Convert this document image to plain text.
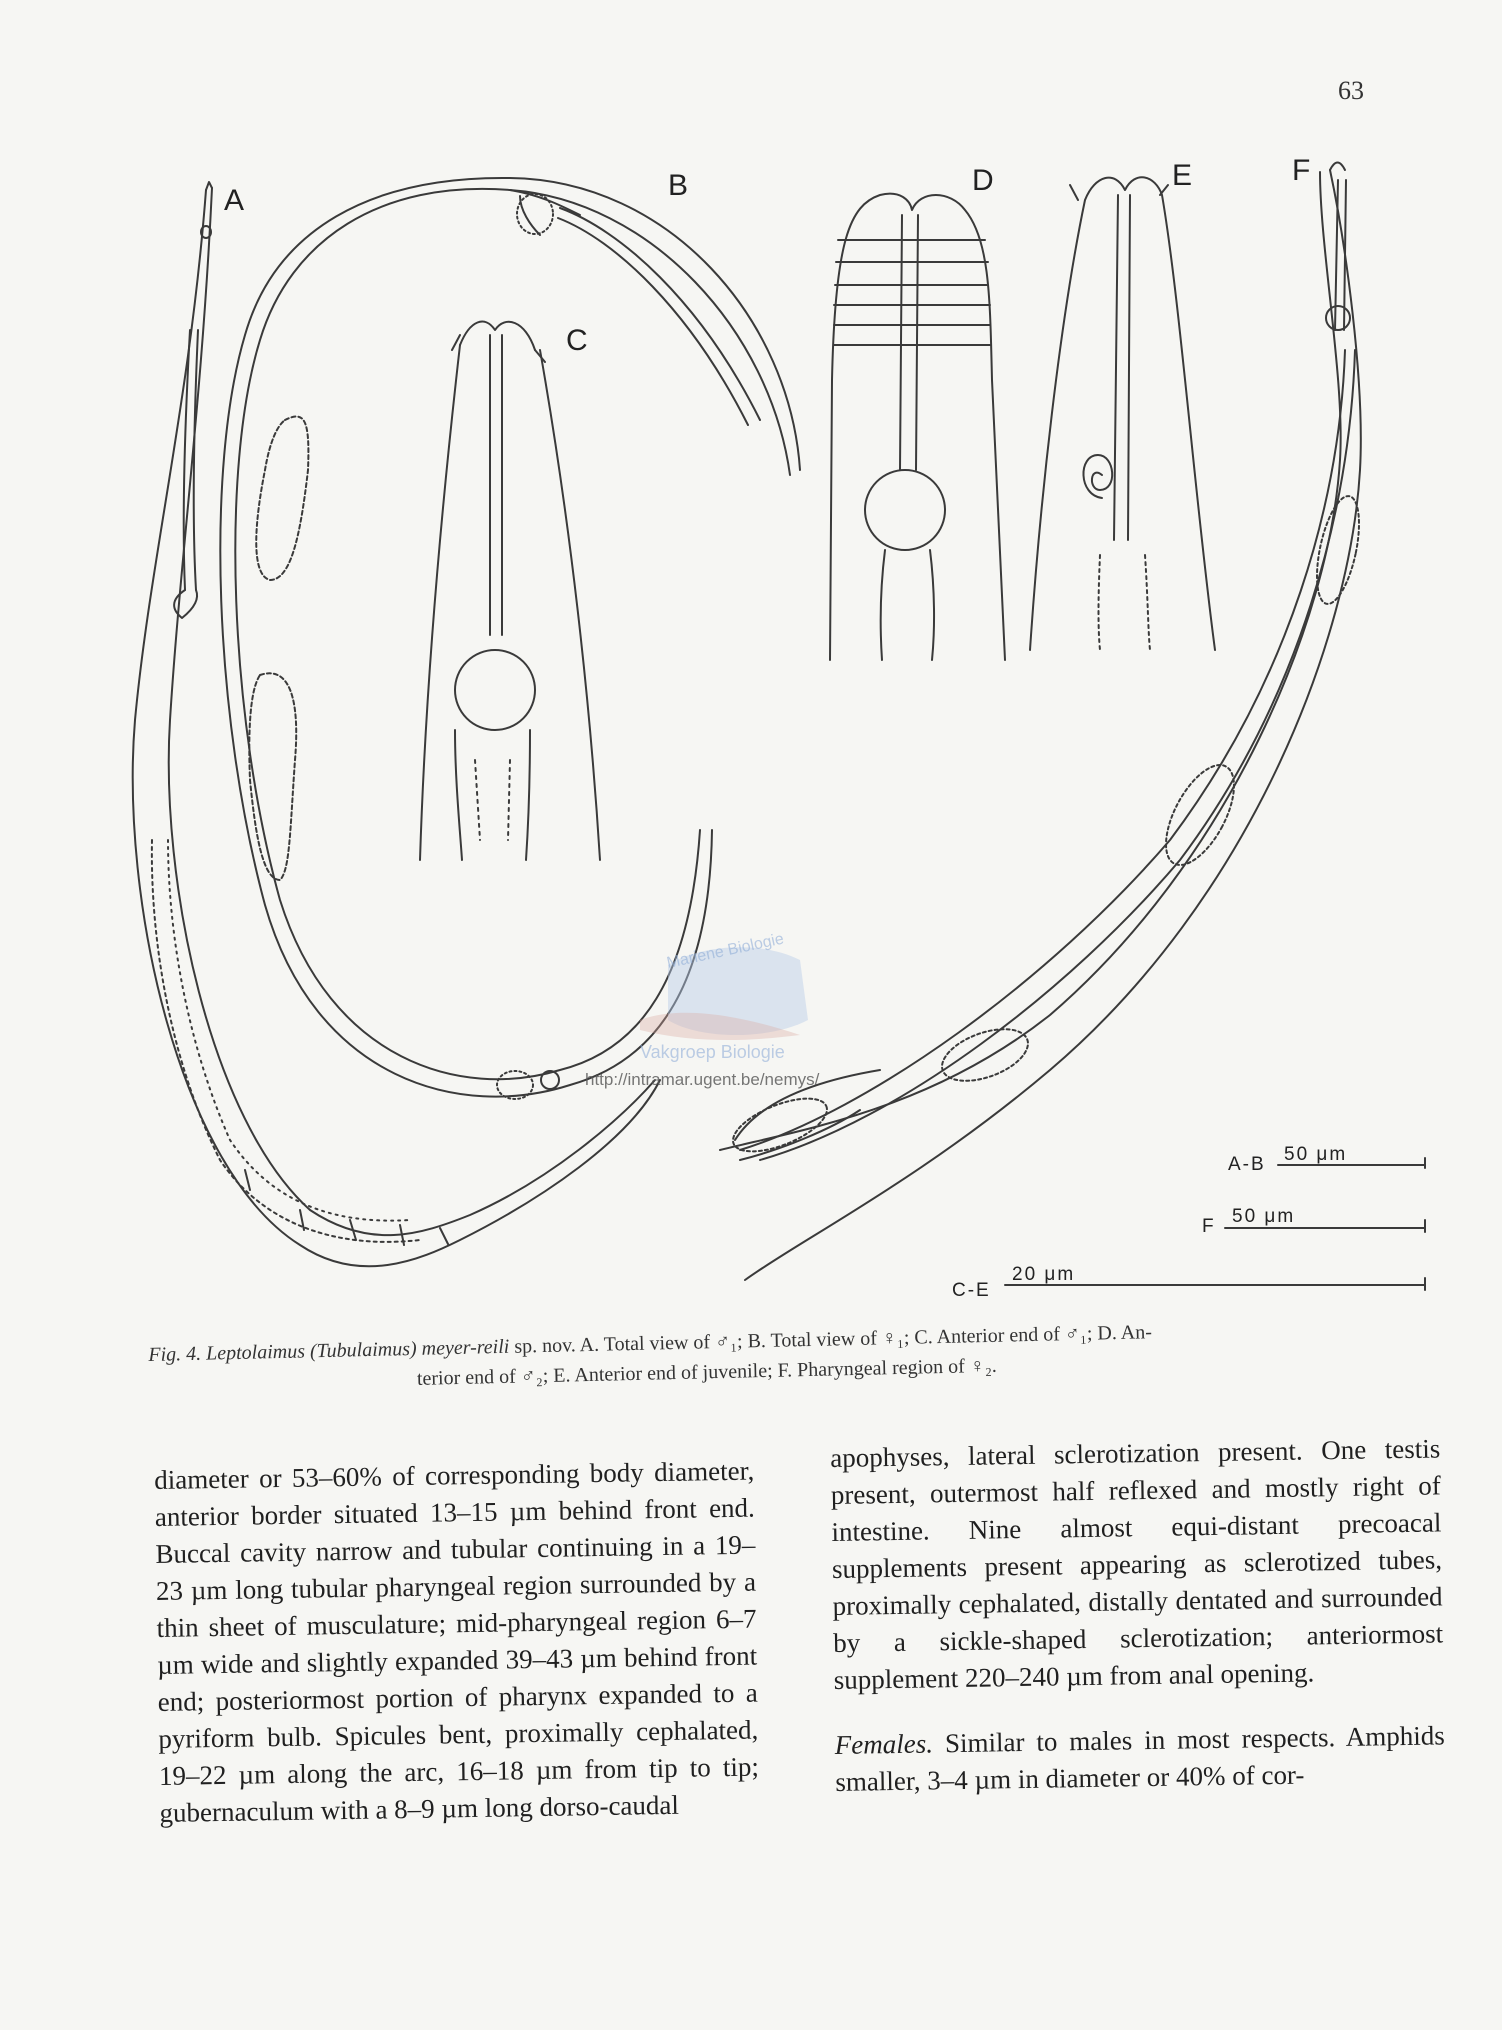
63
A	B
C
D	E	F
A-B 50 μm
F 50 μm
C-E
20 μm
Mariene Biologie
Vakgroep Biologie
http://intramar.ugent.be/nemys/
Fig. 4. Leptolaimus (Tubulaimus) meyer-reili sp. nov. A. Total view of ♂₁; B. Total view of ♀₁; C. Anterior end of ♂₁; D. An-
terior end of ♂₂; E. Anterior end of juvenile; F. Pharyngeal region of ♀₂.

diameter or 53–60% of corresponding body diameter, anterior border situated 13–15 µm behind front end. Buccal cavity narrow and tubular continuing in a 19–23 µm long tubular pharyngeal region surrounded by a thin sheet of musculature; mid-pharyngeal region 6–7 µm wide and slightly expanded 39–43 µm behind front end; posteriormost portion of pharynx expanded to a pyriform bulb. Spicules bent, proximally cephalated, 19–22 µm along the arc, 16–18 µm from tip to tip; gubernaculum with a 8–9 µm long dorso-caudal

apophyses, lateral sclerotization present. One testis present, outermost half reflexed and mostly right of intestine. Nine almost equi-distant precoacal supplements present appearing as sclerotized tubes, proximally cephalated, distally dentated and surrounded by a sickle-shaped sclerotization; anteriormost supplement 220–240 µm from anal opening.

Females. Similar to males in most respects. Amphids smaller, 3–4 µm in diameter or 40% of cor-
